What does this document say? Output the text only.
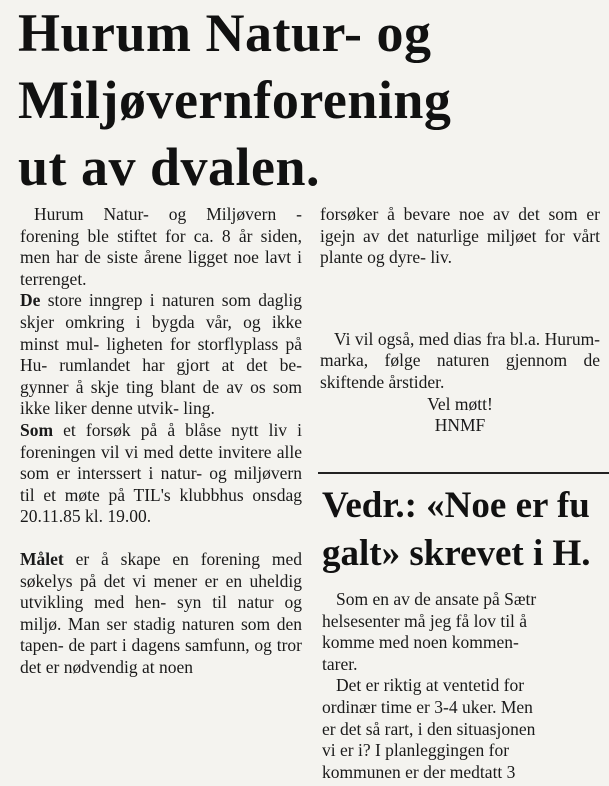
Hurum Natur- og
Miljøvernforening
ut av dvalen.

Hurum Natur- og Miljøvern - forening ble stiftet for ca. 8 år siden, men har de siste årene ligget noe lavt i terrenget.

De store inngrep i naturen som daglig skjer omkring i bygda vår, og ikke minst mul- ligheten for storflyplass på Hu- rumlandet har gjort at det be- gynner å skje ting blant de av os som ikke liker denne utvik- ling.

Som et forsøk på å blåse nytt liv i foreningen vil vi med dette invitere alle som er interssert i natur- og miljøvern til et møte på TIL's klubbhus onsdag 20.11.85 kl. 19.00.

Målet er å skape en forening med søkelys på det vi mener er en uheldig utvikling med hen- syn til natur og miljø. Man ser stadig naturen som den tapen- de part i dagens samfunn, og tror det er nødvendig at noen

forsøker å bevare noe av det som er igejn av det naturlige miljøet for vårt plante og dyre- liv.

Vi vil også, med dias fra bl.a. Hurum-marka, følge naturen gjennom de skiftende årstider.

Vel møtt!

HNMF

Vedr.: «Noe er fu
galt» skrevet i H.

Som en av de ansate på Sætr
helsesenter må jeg få lov til å
komme med noen kommen-
tarer.

Det er riktig at ventetid for
ordinær time er 3-4 uker. Men
er det så rart, i den situasjonen
vi er i? I planleggingen for
kommunen er der medtatt 3
